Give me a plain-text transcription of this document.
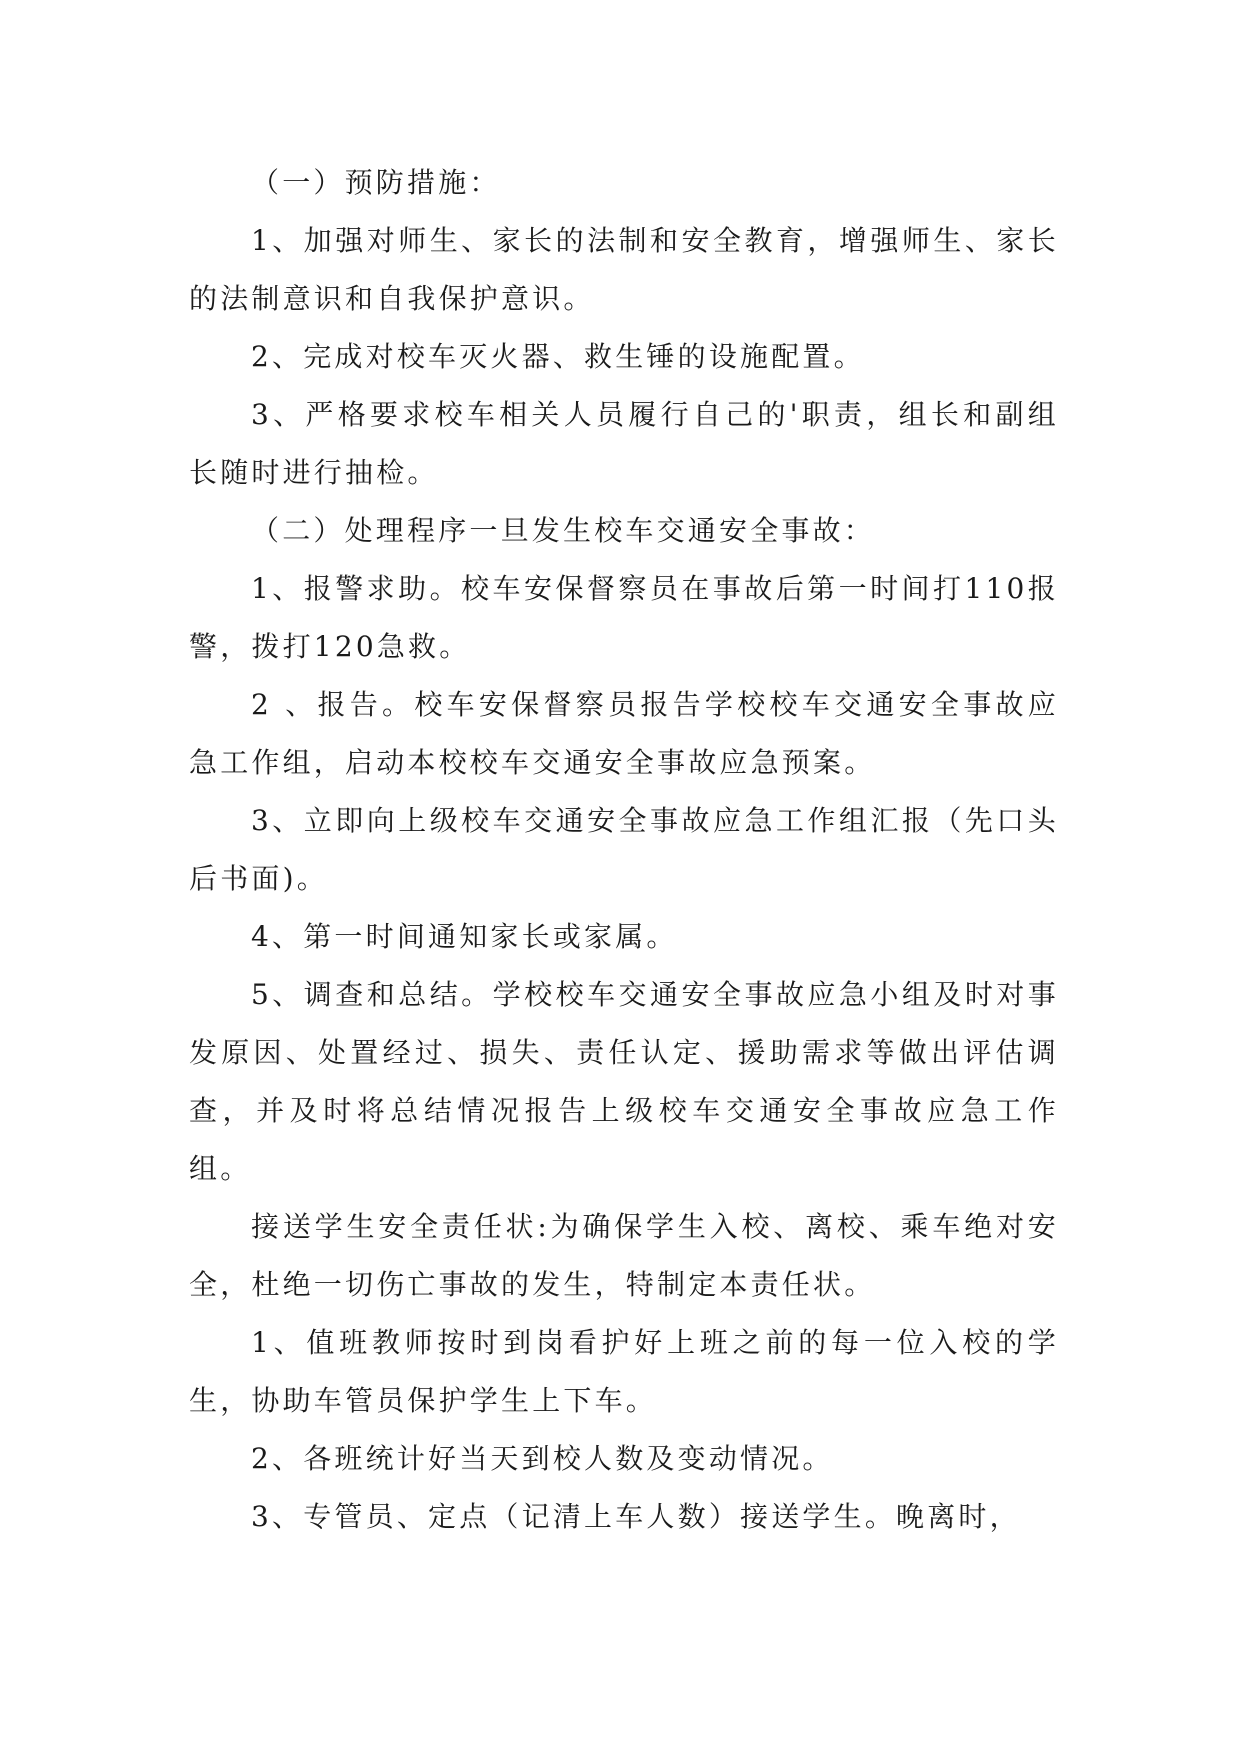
（一）预防措施：

1、加强对师生、家长的法制和安全教育，增强师生、家长的法制意识和自我保护意识。

2、完成对校车灭火器、救生锤的设施配置。

3、严格要求校车相关人员履行自己的'职责，组长和副组长随时进行抽检。

（二）处理程序一旦发生校车交通安全事故：

1、报警求助。校车安保督察员在事故后第一时间打110报警，拨打120急救。

2 、报告。校车安保督察员报告学校校车交通安全事故应急工作组，启动本校校车交通安全事故应急预案。

3、立即向上级校车交通安全事故应急工作组汇报（先口头后书面)。

4、第一时间通知家长或家属。

5、调查和总结。学校校车交通安全事故应急小组及时对事发原因、处置经过、损失、责任认定、援助需求等做出评估调查，并及时将总结情况报告上级校车交通安全事故应急工作组。

接送学生安全责任状:为确保学生入校、离校、乘车绝对安全，杜绝一切伤亡事故的发生，特制定本责任状。

1、值班教师按时到岗看护好上班之前的每一位入校的学生，协助车管员保护学生上下车。

2、各班统计好当天到校人数及变动情况。

3、专管员、定点（记清上车人数）接送学生。晚离时，
